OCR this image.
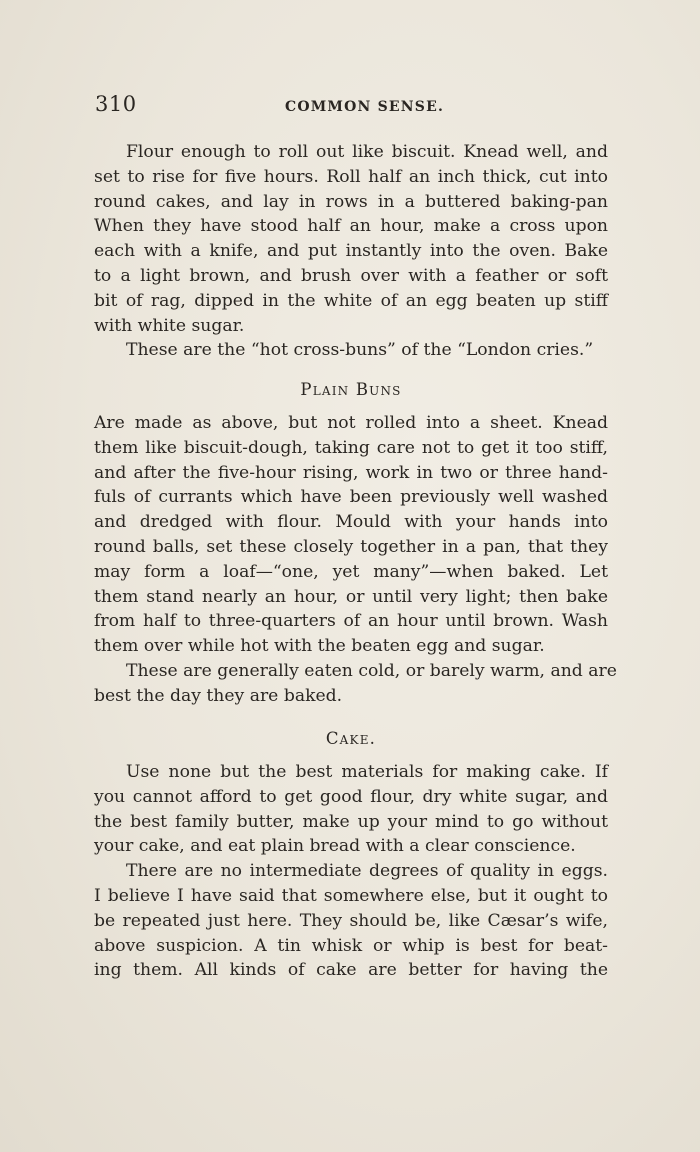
310	COMMON SENSE.
Flour enough to roll out like biscuit. Knead well, and
set to rise for five hours. Roll half an inch thick, cut into
round cakes, and lay in rows in a buttered baking-pan
When they have stood half an hour, make a cross upon
each with a knife, and put instantly into the oven. Bake
to a light brown, and brush over with a feather or soft
bit of rag, dipped in the white of an egg beaten up stiff
with white sugar.
These are the “hot cross-buns” of the “London cries.”
Plain Buns
Are made as above, but not rolled into a sheet. Knead
them like biscuit-dough, taking care not to get it too stiff,
and after the five-hour rising, work in two or three hand-
fuls of currants which have been previously well washed
and dredged with flour. Mould with your hands into
round balls, set these closely together in a pan, that they
may form a loaf—“one, yet many”—when baked. Let
them stand nearly an hour, or until very light; then bake
from half to three-quarters of an hour until brown. Wash
them over while hot with the beaten egg and sugar.
These are generally eaten cold, or barely warm, and are
best the day they are baked.
Cake.
Use none but the best materials for making cake. If
you cannot afford to get good flour, dry white sugar, and
the best family butter, make up your mind to go without
your cake, and eat plain bread with a clear conscience.
There are no intermediate degrees of quality in eggs.
I believe I have said that somewhere else, but it ought to
be repeated just here. They should be, like Cæsar’s wife,
above suspicion. A tin whisk or whip is best for beat-
ing them. All kinds of cake are better for having the
